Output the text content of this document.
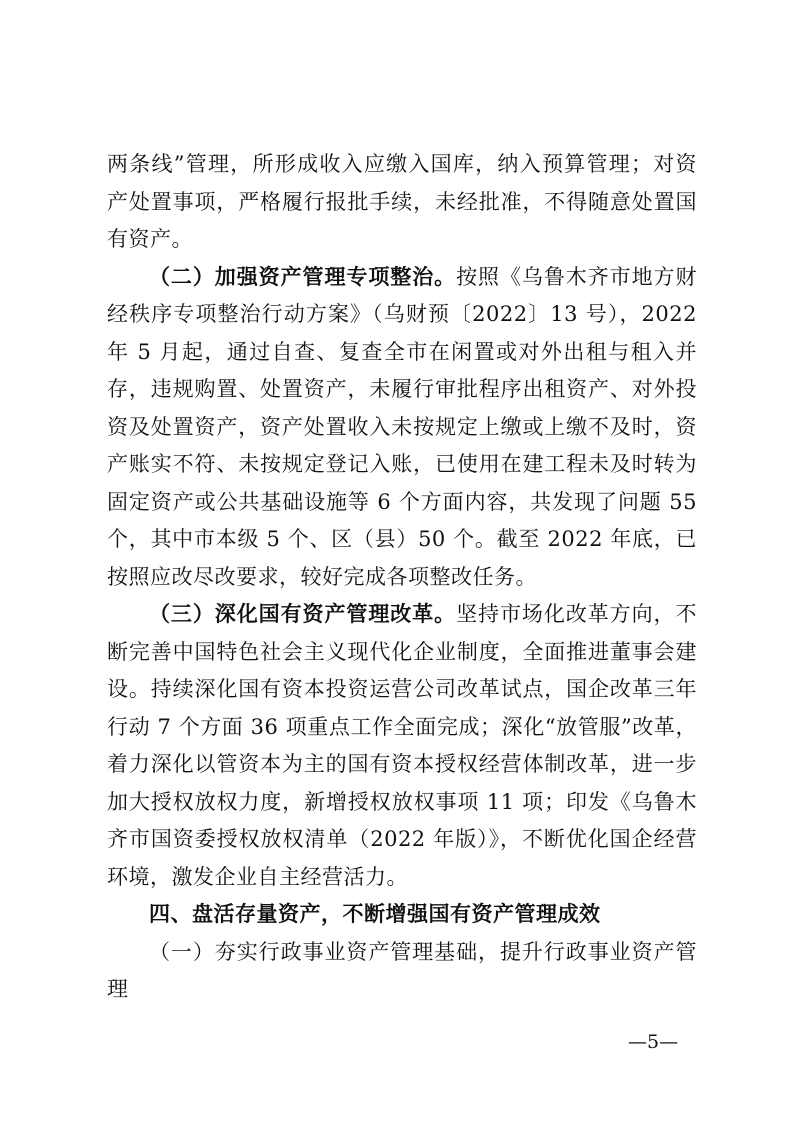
两条线”管理，所形成收入应缴入国库，纳入预算管理；对资产处置事项，严格履行报批手续，未经批准，不得随意处置国有资产。

（二）加强资产管理专项整治。按照《乌鲁木齐市地方财经秩序专项整治行动方案》（乌财预〔2022〕13 号），2022 年 5 月起，通过自查、复查全市在闲置或对外出租与租入并存，违规购置、处置资产，未履行审批程序出租资产、对外投资及处置资产，资产处置收入未按规定上缴或上缴不及时，资产账实不符、未按规定登记入账，已使用在建工程未及时转为固定资产或公共基础设施等 6 个方面内容，共发现了问题 55 个，其中市本级 5 个、区（县）50 个。截至 2022 年底，已按照应改尽改要求，较好完成各项整改任务。

（三）深化国有资产管理改革。坚持市场化改革方向，不断完善中国特色社会主义现代化企业制度，全面推进董事会建设。持续深化国有资本投资运营公司改革试点，国企改革三年行动 7 个方面 36 项重点工作全面完成；深化“放管服”改革，着力深化以管资本为主的国有资本授权经营体制改革，进一步加大授权放权力度，新增授权放权事项 11 项；印发《乌鲁木齐市国资委授权放权清单（2022 年版）》，不断优化国企经营环境，激发企业自主经营活力。

四、盘活存量资产，不断增强国有资产管理成效

（一）夯实行政事业资产管理基础，提升行政事业资产管理

—5—
